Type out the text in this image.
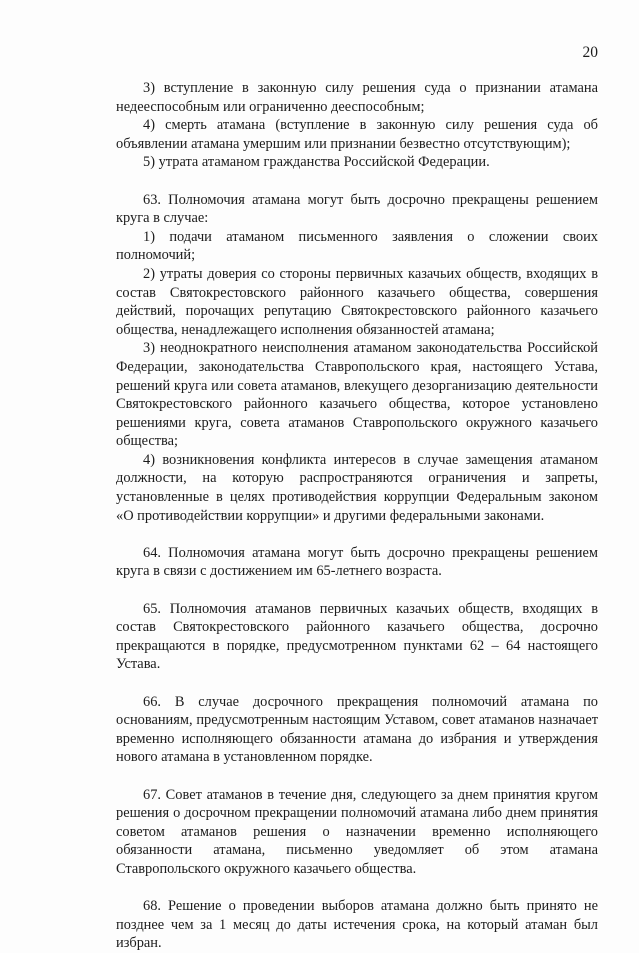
20

3) вступление в законную силу решения суда о признании атамана недееспособным или ограниченно дееспособным;

4) смерть атамана (вступление в законную силу решения суда об объявлении атамана умершим или признании безвестно отсутствующим);

5) утрата атаманом гражданства Российской Федерации.

63. Полномочия атамана могут быть досрочно прекращены решением круга в случае:

1) подачи атаманом письменного заявления о сложении своих полномочий;

2) утраты доверия со стороны первичных казачьих обществ, входящих в состав Святокрестовского районного казачьего общества, совершения действий, порочащих репутацию Святокрестовского районного казачьего общества, ненадлежащего исполнения обязанностей атамана;

3) неоднократного неисполнения атаманом законодательства Российской Федерации, законодательства Ставропольского края, настоящего Устава, решений круга или совета атаманов, влекущего дезорганизацию деятельности Святокрестовского районного казачьего общества, которое установлено решениями круга, совета атаманов Ставропольского окружного казачьего общества;

4) возникновения конфликта интересов в случае замещения атаманом должности, на которую распространяются ограничения и запреты, установленные в целях противодействия коррупции Федеральным законом «О противодействии коррупции» и другими федеральными законами.

64. Полномочия атамана могут быть досрочно прекращены решением круга в связи с достижением им 65-летнего возраста.

65. Полномочия атаманов первичных казачьих обществ, входящих в состав Святокрестовского районного казачьего общества, досрочно прекращаются в порядке, предусмотренном пунктами 62 – 64 настоящего Устава.

66. В случае досрочного прекращения полномочий атамана по основаниям, предусмотренным настоящим Уставом, совет атаманов назначает временно исполняющего обязанности атамана до избрания и утверждения нового атамана в установленном порядке.

67. Совет атаманов в течение дня, следующего за днем принятия кругом решения о досрочном прекращении полномочий атамана либо днем принятия советом атаманов решения о назначении временно исполняющего обязанности атамана, письменно уведомляет об этом атамана Ставропольского окружного казачьего общества.

68. Решение о проведении выборов атамана должно быть принято не позднее чем за 1 месяц до даты истечения срока, на который атаман был избран.
